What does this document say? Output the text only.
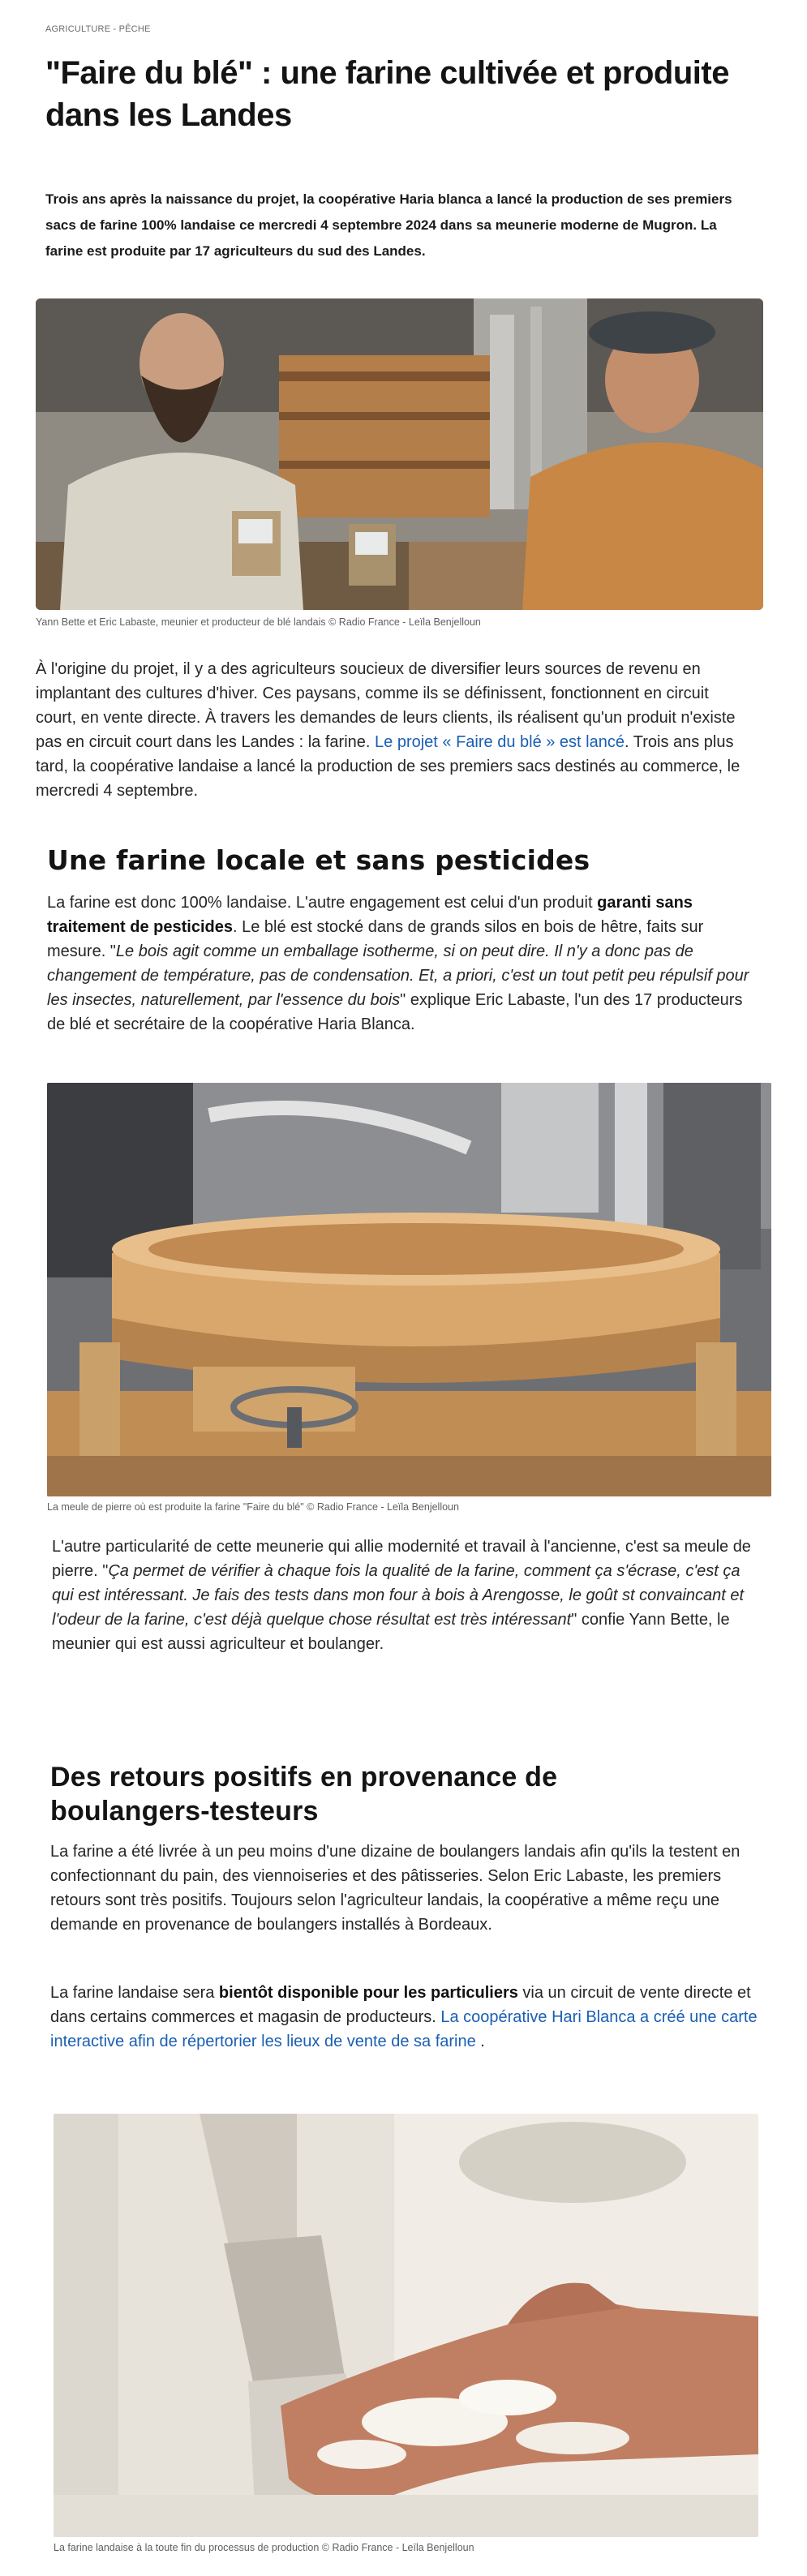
AGRICULTURE - PÊCHE
"Faire du blé" : une farine cultivée et produite dans les Landes

Trois ans après la naissance du projet, la coopérative Haria blanca a lancé la production de ses premiers sacs de farine 100% landaise ce mercredi 4 septembre 2024 dans sa meunerie moderne de Mugron. La farine est produite par 17 agriculteurs du sud des Landes.

Yann Bette et Eric Labaste, meunier et producteur de blé landais © Radio France - Leïla Benjelloun

À l'origine du projet, il y a des agriculteurs soucieux de diversifier leurs sources de revenu en implantant des cultures d'hiver. Ces paysans, comme ils se définissent, fonctionnent en circuit court, en vente directe. À travers les demandes de leurs clients, ils réalisent qu'un produit n'existe pas en circuit court dans les Landes : la farine. Le projet « Faire du blé » est lancé. Trois ans plus tard, la coopérative landaise a lancé la production de ses premiers sacs destinés au commerce, le mercredi 4 septembre.

Une farine locale et sans pesticides

La farine est donc 100% landaise. L'autre engagement est celui d'un produit garanti sans traitement de pesticides. Le blé est stocké dans de grands silos en bois de hêtre, faits sur mesure. "Le bois agit comme un emballage isotherme, si on peut dire. Il n'y a donc pas de changement de température, pas de condensation. Et, a priori, c'est un tout petit peu répulsif pour les insectes, naturellement, par l'essence du bois" explique Eric Labaste, l'un des 17 producteurs de blé et secrétaire de la coopérative Haria Blanca.

La meule de pierre où est produite la farine "Faire du blé" © Radio France - Leïla Benjelloun

L'autre particularité de cette meunerie qui allie modernité et travail à l'ancienne, c'est sa meule de pierre. "Ça permet de vérifier à chaque fois la qualité de la farine, comment ça s'écrase, c'est ça qui est intéressant. Je fais des tests dans mon four à bois à Arengosse, le goût st convaincant et l'odeur de la farine, c'est déjà quelque chose résultat est très intéressant" confie Yann Bette, le meunier qui est aussi agriculteur et boulanger.

Des retours positifs en provenance de boulangers-testeurs

La farine a été livrée à un peu moins d'une dizaine de boulangers landais afin qu'ils la testent en confectionnant du pain, des viennoiseries et des pâtisseries. Selon Eric Labaste, les premiers retours sont très positifs. Toujours selon l'agriculteur landais, la coopérative a même reçu une demande en provenance de boulangers installés à Bordeaux.

La farine landaise sera bientôt disponible pour les particuliers via un circuit de vente directe et dans certains commerces et magasin de producteurs. La coopérative Hari Blanca a créé une carte interactive afin de répertorier les lieux de vente de sa farine .

La farine landaise à la toute fin du processus de production © Radio France - Leïla Benjelloun
